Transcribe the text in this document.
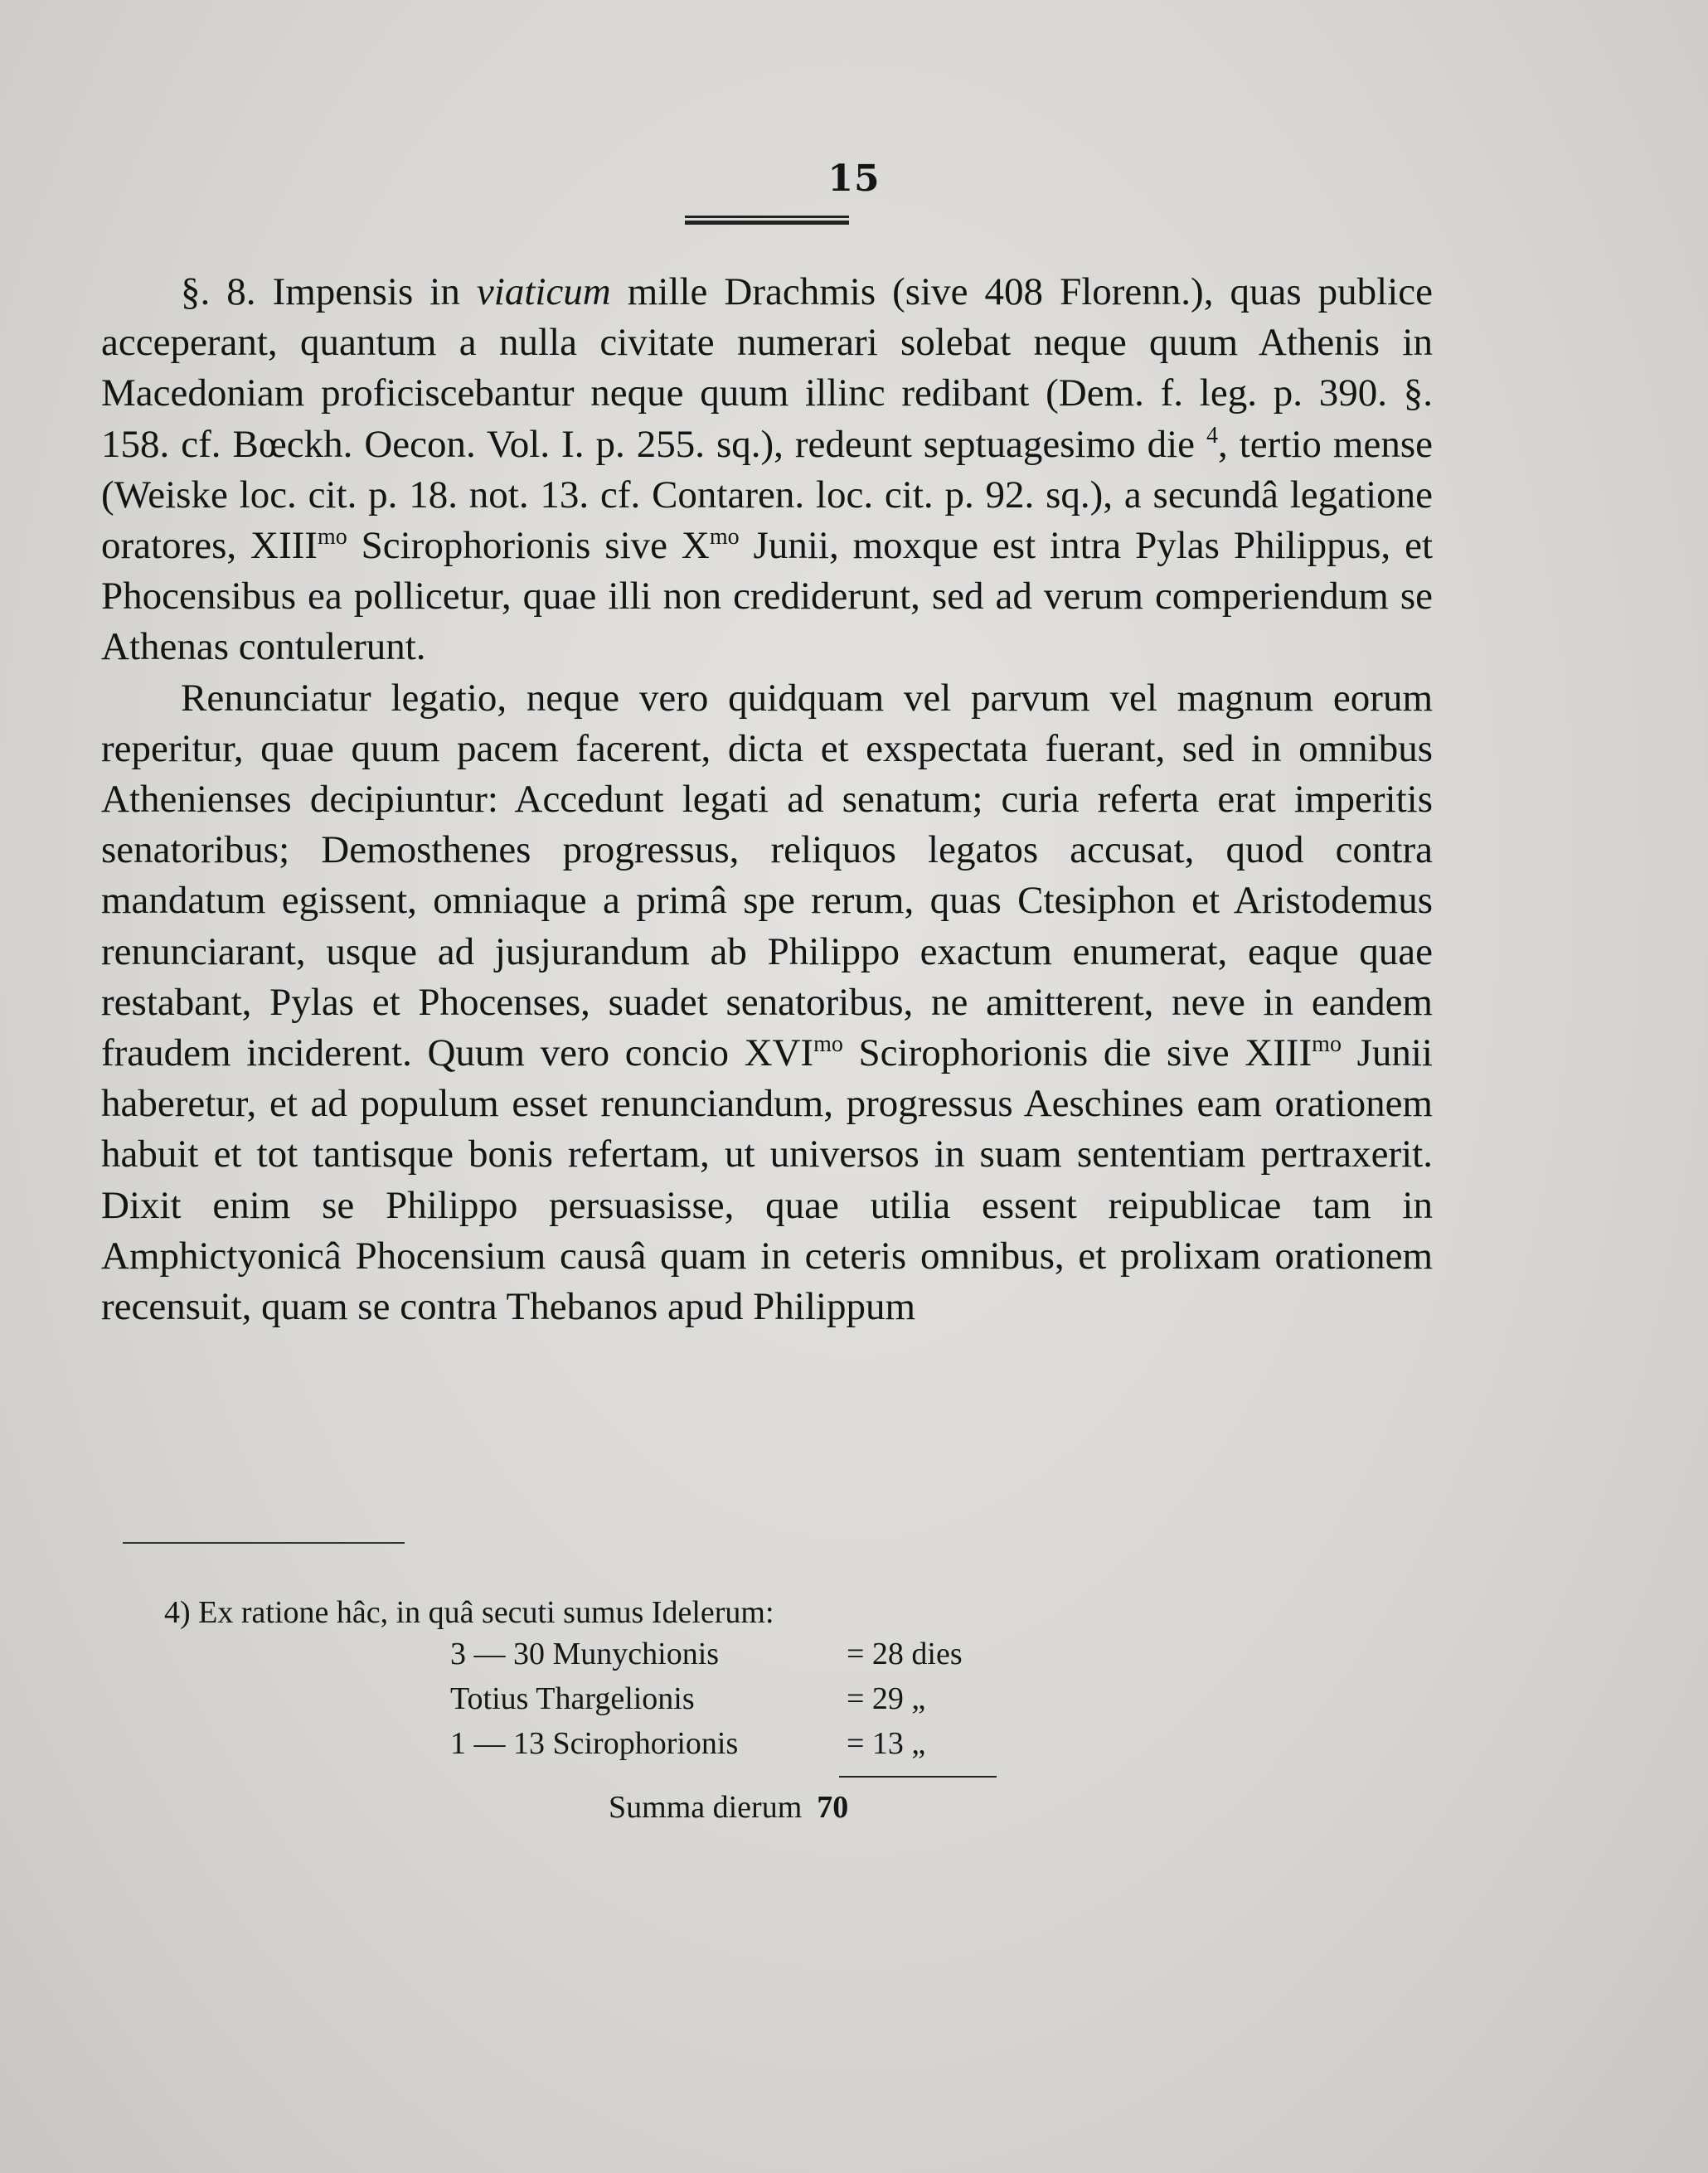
15

§. 8. Impensis in viaticum mille Drachmis (sive 408 Florenn.), quas publice acceperant, quantum a nulla civitate numerari solebat neque quum Athenis in Macedoniam proficiscebantur neque quum illinc redibant (Dem. f. leg. p. 390. §. 158. cf. Bœckh. Oecon. Vol. I. p. 255. sq.), redeunt septuagesimo die $^4$, tertio mense (Weiske loc. cit. p. 18. not. 13. cf. Contaren. loc. cit. p. 92. sq.), a secundâ legatione oratores, $XIII^{mo}$ Scirophorionis sive $X^{mo}$ Junii, moxque est intra Pylas Philippus, et Phocensibus ea pollicetur, quae illi non crediderunt, sed ad verum comperiendum se Athenas contulerunt.

Renunciatur legatio, neque vero quidquam vel parvum vel magnum eorum reperitur, quae quum pacem facerent, dicta et exspectata fuerant, sed in omnibus Athenienses decipiuntur: Accedunt legati ad senatum; curia referta erat imperitis senatoribus; Demosthenes progressus, reliquos legatos accusat, quod contra mandatum egissent, omniaque a primâ spe rerum, quas Ctesiphon et Aristodemus renunciarant, usque ad jusjurandum ab Philippo exactum enumerat, eaque quae restabant, Pylas et Phocenses, suadet senatoribus, ne amitterent, neve in eandem fraudem inciderent. Quum vero concio $XVI^{mo}$ Scirophorionis die sive $XIII^{mo}$ Junii haberetur, et ad populum esset renunciandum, progressus Aeschines eam orationem habuit et tot tantisque bonis refertam, ut universos in suam sententiam pertraxerit. Dixit enim se Philippo persuasisse, quae utilia essent reipublicae tam in Amphictyonicâ Phocensium causâ quam in ceteris omnibus, et prolixam orationem recensuit, quam se contra Thebanos apud Philippum

4) Ex ratione hâc, in quâ secuti sumus Idelerum:
3 — 30 Munychionis	= 28 dies
Totius Thargelionis	= 29 „
1 — 13 Scirophorionis	= 13 „
Summa dierum 70
